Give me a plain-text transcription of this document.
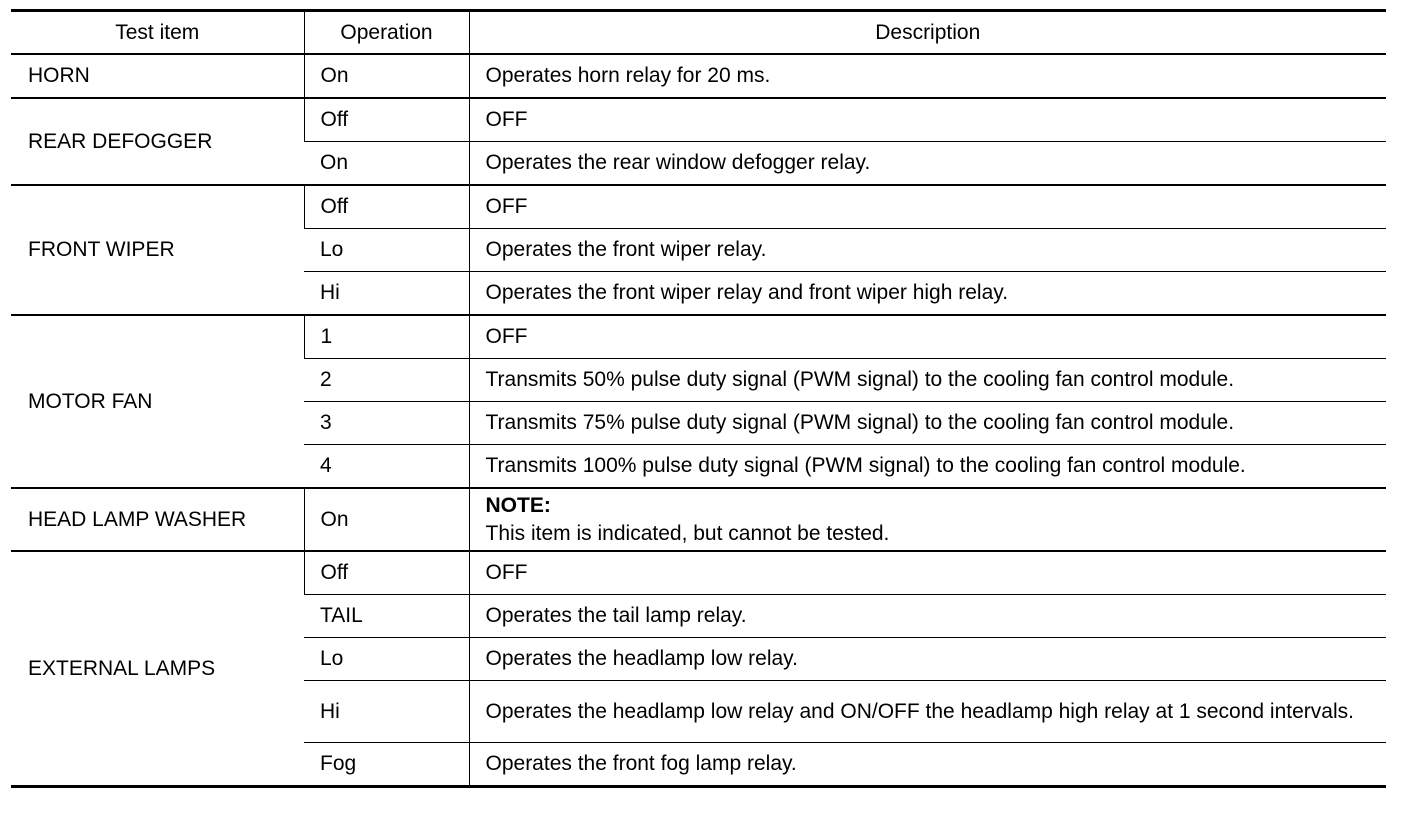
Test item	Operation	Description
HORN	On	Operates horn relay for 20 ms.
REAR DEFOGGER	Off	OFF
	On	Operates the rear window defogger relay.
FRONT WIPER	Off	OFF
	Lo	Operates the front wiper relay.
	Hi	Operates the front wiper relay and front wiper high relay.
MOTOR FAN	1	OFF
	2	Transmits 50% pulse duty signal (PWM signal) to the cooling fan control module.
	3	Transmits 75% pulse duty signal (PWM signal) to the cooling fan control module.
	4	Transmits 100% pulse duty signal (PWM signal) to the cooling fan control module.
HEAD LAMP WASHER	On	NOTE:
This item is indicated, but cannot be tested.

EXTERNAL LAMPS	Off	OFF
	TAIL	Operates the tail lamp relay.
	Lo	Operates the headlamp low relay.
	Hi	Operates the headlamp low relay and ON/OFF the headlamp high relay at 1 second intervals.
	Fog	Operates the front fog lamp relay.
